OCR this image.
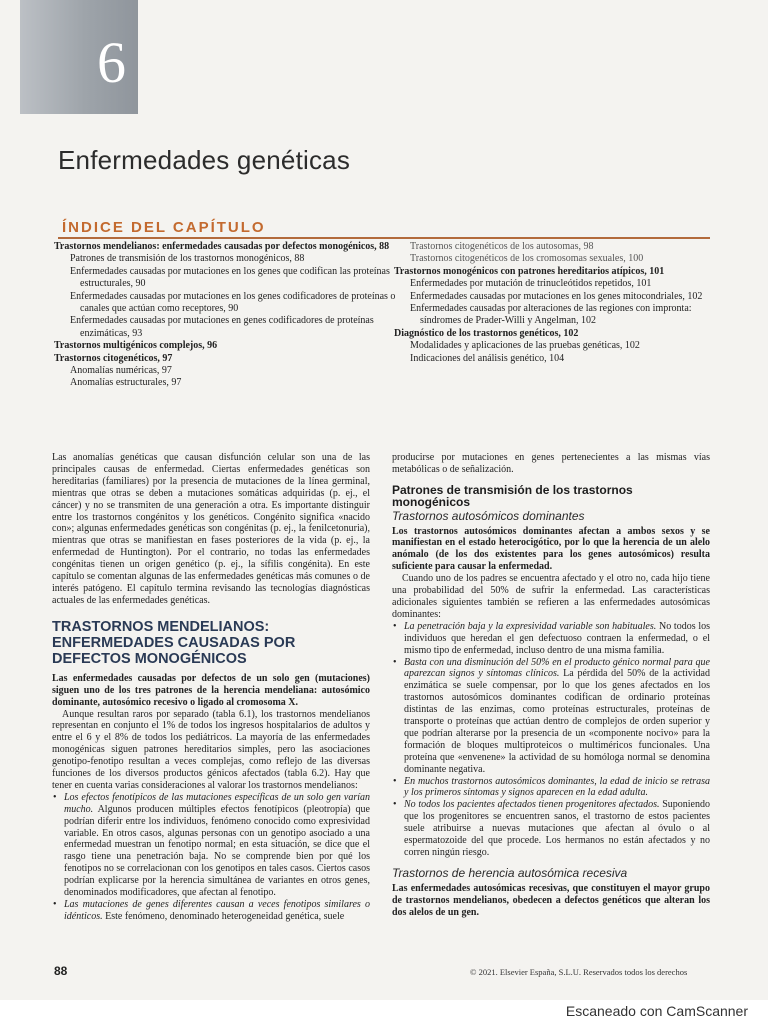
6
Enfermedades genéticas
ÍNDICE DEL CAPÍTULO
Trastornos mendelianos: enfermedades causadas por defectos monogénicos, 88
Patrones de transmisión de los trastornos monogénicos, 88
Enfermedades causadas por mutaciones en los genes que codifican las proteínas estructurales, 90
Enfermedades causadas por mutaciones en los genes codificadores de proteínas o canales que actúan como receptores, 90
Enfermedades causadas por mutaciones en genes codificadores de proteínas enzimáticas, 93
Trastornos multigénicos complejos, 96
Trastornos citogenéticos, 97
Anomalías numéricas, 97
Anomalías estructurales, 97
Trastornos citogenéticos de los autosomas, 98
Trastornos citogenéticos de los cromosomas sexuales, 100
Trastornos monogénicos con patrones hereditarios atípicos, 101
Enfermedades por mutación de trinucleótidos repetidos, 101
Enfermedades causadas por mutaciones en los genes mitocondriales, 102
Enfermedades causadas por alteraciones de las regiones con impronta: síndromes de Prader-Willi y Angelman, 102
Diagnóstico de los trastornos genéticos, 102
Modalidades y aplicaciones de las pruebas genéticas, 102
Indicaciones del análisis genético, 104

Las anomalías genéticas que causan disfunción celular son una de las principales causas de enfermedad. Ciertas enfermedades genéticas son hereditarias (familiares) por la presencia de mutaciones de la línea germinal, mientras que otras se deben a mutaciones somáticas adquiridas (p. ej., el cáncer) y no se transmiten de una generación a otra. Es importante distinguir entre los trastornos congénitos y los genéticos. Congénito significa «nacido con»; algunas enfermedades genéticas son congénitas (p. ej., la fenilcetonuria), mientras que otras se manifiestan en fases posteriores de la vida (p. ej., la enfermedad de Huntington). Por el contrario, no todas las enfermedades congénitas tienen un origen genético (p. ej., la sífilis congénita). En este capítulo se comentan algunas de las enfermedades genéticas más comunes o de interés patógeno. El capítulo termina revisando las tecnologías diagnósticas actuales de las enfermedades genéticas.

TRASTORNOS MENDELIANOS: ENFERMEDADES CAUSADAS POR DEFECTOS MONOGÉNICOS

Las enfermedades causadas por defectos de un solo gen (mutaciones) siguen uno de los tres patrones de la herencia mendeliana: autosómico dominante, autosómico recesivo o ligado al cromosoma X.

Aunque resultan raros por separado (tabla 6.1), los trastornos mendelianos representan en conjunto el 1% de todos los ingresos hospitalarios de adultos y entre el 6 y el 8% de todos los pediátricos. La mayoría de las enfermedades monogénicas siguen patrones hereditarios simples, pero las asociaciones genotipo-fenotipo resultan a veces complejas, como reflejo de las diversas funciones de los diversos productos génicos afectados (tabla 6.2). Hay que tener en cuenta varias consideraciones al valorar los trastornos mendelianos:

• Los efectos fenotípicos de las mutaciones específicas de un solo gen varían mucho. Algunos producen múltiples efectos fenotípicos (pleotropía) que podrían diferir entre los individuos, fenómeno conocido como expresividad variable. En otros casos, algunas personas con un genotipo asociado a una enfermedad muestran un fenotipo normal; en esta situación, se dice que el rasgo tiene una penetración baja. No se comprende bien por qué los fenotipos no se correlacionan con los genotipos en tales casos. Ciertos casos podrían explicarse por la herencia simultánea de variantes en otros genes, denominados modificadores, que afectan al fenotipo.
• Las mutaciones de genes diferentes causan a veces fenotipos similares o idénticos. Este fenómeno, denominado heterogeneidad genética, suele

producirse por mutaciones en genes pertenecientes a las mismas vías metabólicas o de señalización.

Patrones de transmisión de los trastornos monogénicos
Trastornos autosómicos dominantes

Los trastornos autosómicos dominantes afectan a ambos sexos y se manifiestan en el estado heterocigótico, por lo que la herencia de un alelo anómalo (de los dos existentes para los genes autosómicos) resulta suficiente para causar la enfermedad.

Cuando uno de los padres se encuentra afectado y el otro no, cada hijo tiene una probabilidad del 50% de sufrir la enfermedad. Las características adicionales siguientes también se refieren a las enfermedades autosómicas dominantes:

• La penetración baja y la expresividad variable son habituales. No todos los individuos que heredan el gen defectuoso contraen la enfermedad, o el mismo tipo de enfermedad, incluso dentro de una misma familia.
• Basta con una disminución del 50% en el producto génico normal para que aparezcan signos y síntomas clínicos. La pérdida del 50% de la actividad enzimática se suele compensar, por lo que los genes afectados en los trastornos autosómicos dominantes codifican de ordinario proteínas distintas de las enzimas, como proteínas estructurales, proteínas de transporte o proteínas que actúan dentro de complejos de orden superior y que podrían alterarse por la presencia de un «componente nocivo» para la formación de bloques multiproteicos o multiméricos funcionales. Una proteína que «envenene» la actividad de su homóloga normal se denomina dominante negativa.
• En muchos trastornos autosómicos dominantes, la edad de inicio se retrasa y los primeros síntomas y signos aparecen en la edad adulta.
• No todos los pacientes afectados tienen progenitores afectados. Suponiendo que los progenitores se encuentren sanos, el trastorno de estos pacientes suele atribuirse a nuevas mutaciones que afectan al óvulo o al espermatozoide del que procede. Los hermanos no están afectados y no corren ningún riesgo.
Trastornos de herencia autosómica recesiva

Las enfermedades autosómicas recesivas, que constituyen el mayor grupo de trastornos mendelianos, obedecen a defectos genéticos que alteran los dos alelos de un gen.

88	© 2021. Elsevier España, S.L.U. Reservados todos los derechos
Escaneado con CamScanner
